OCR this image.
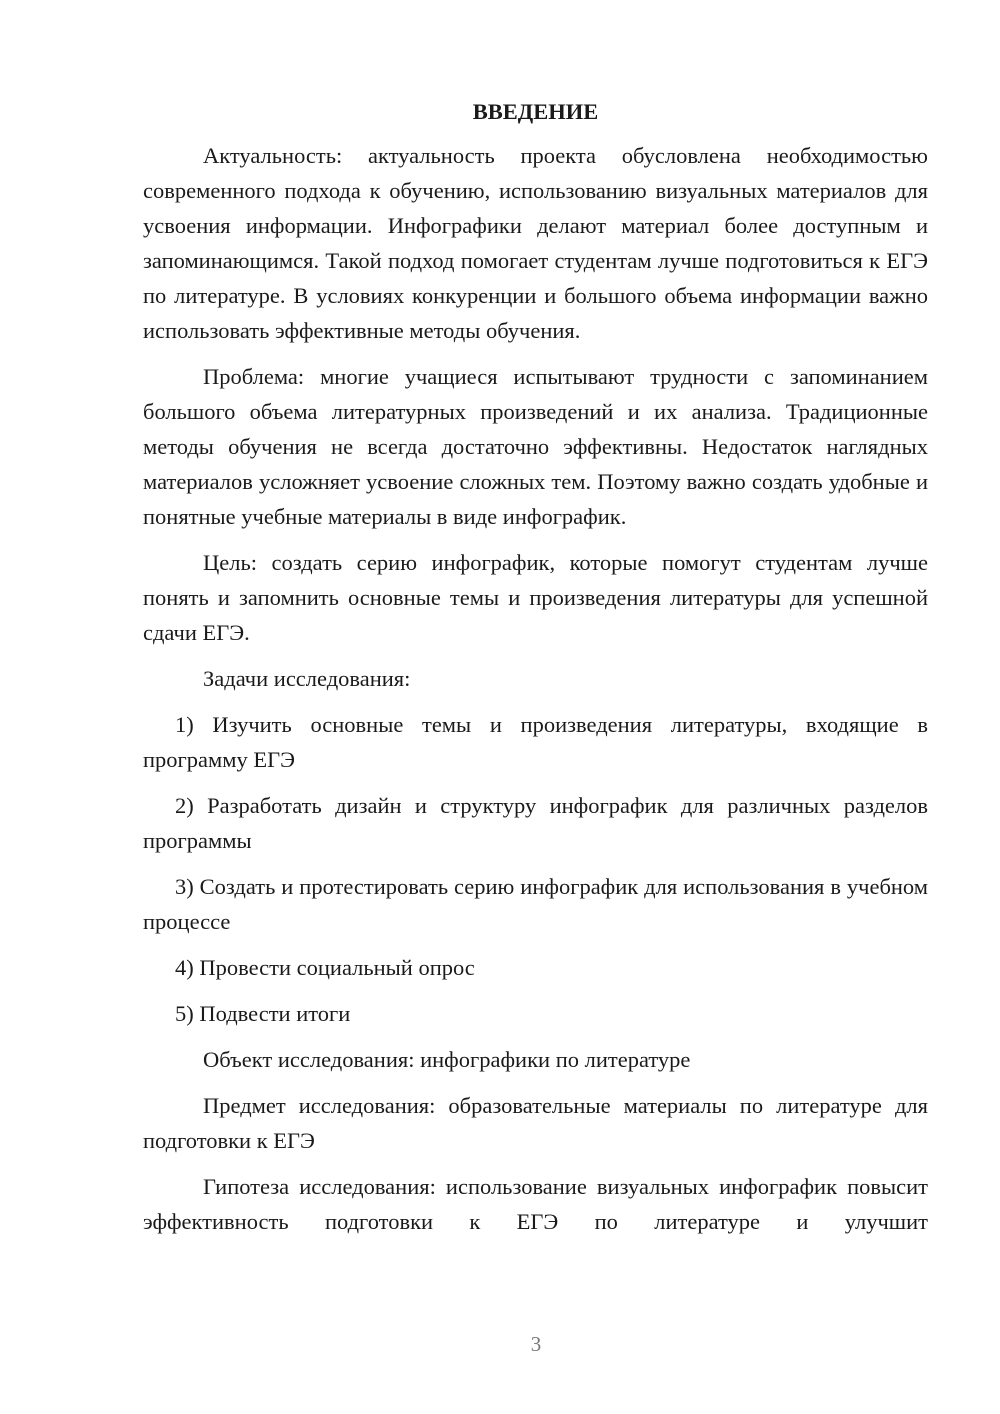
ВВЕДЕНИЕ

Актуальность: актуальность проекта обусловлена необходимостью современного подхода к обучению, использованию визуальных материалов для усвоения информации. Инфографики делают материал более доступным и запоминающимся. Такой подход помогает студентам лучше подготовиться к ЕГЭ по литературе. В условиях конкуренции и большого объема информации важно использовать эффективные методы обучения.

Проблема: многие учащиеся испытывают трудности с запоминанием большого объема литературных произведений и их анализа. Традиционные методы обучения не всегда достаточно эффективны. Недостаток наглядных материалов усложняет усвоение сложных тем. Поэтому важно создать удобные и понятные учебные материалы в виде инфографик.

Цель: создать серию инфографик, которые помогут студентам лучше понять и запомнить основные темы и произведения литературы для успешной сдачи ЕГЭ.

Задачи исследования:

1) Изучить основные темы и произведения литературы, входящие в программу ЕГЭ

2) Разработать дизайн и структуру инфографик для различных разделов программы

3) Создать и протестировать серию инфографик для использования в учебном процессе

4) Провести социальный опрос

5) Подвести итоги

Объект исследования: инфографики по литературе

Предмет исследования: образовательные материалы по литературе для подготовки к ЕГЭ

Гипотеза исследования: использование визуальных инфографик повысит эффективность подготовки к ЕГЭ по литературе и улучшит

3
